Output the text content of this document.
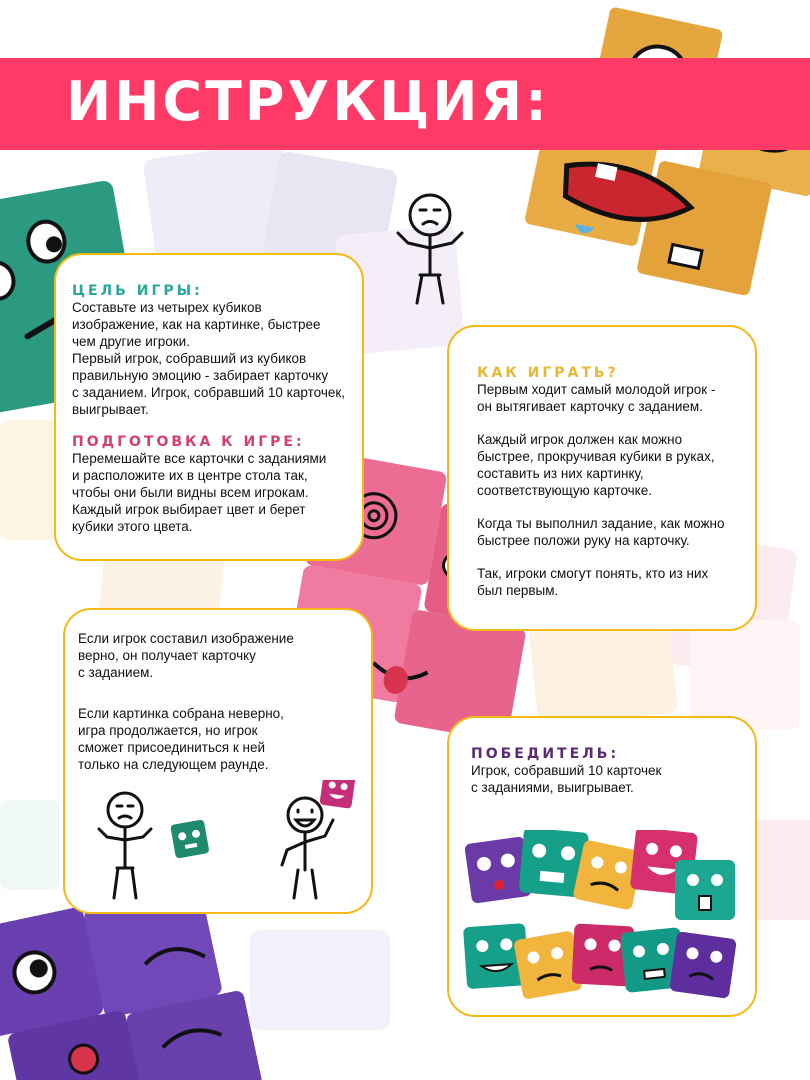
ИНСТРУКЦИЯ:
ЦЕЛЬ ИГРЫ:

Составьте из четырех кубиков

изображение, как на картинке, быстрее

чем другие игроки.

Первый игрок, собравший из кубиков

правильную эмоцию - забирает карточку

с заданием. Игрок, собравший 10 карточек,

выигрывает.

ПОДГОТОВКА К ИГРЕ:

Перемешайте все карточки с заданиями

и расположите их в центре стола так,

чтобы они были видны всем игрокам.

Каждый игрок выбирает цвет и берет

кубики этого цвета.

КАК ИГРАТЬ?

Первым ходит самый молодой игрок -

он вытягивает карточку с заданием.

Каждый игрок должен как можно

быстрее, прокручивая кубики в руках,

составить из них картинку,

соответствующую карточке.

Когда ты выполнил задание, как можно

быстрее положи руку на карточку.

Так, игроки смогут понять, кто из них

был первым.

Если игрок составил изображение

верно, он получает карточку

с заданием.

Если картинка собрана неверно,

игра продолжается, но игрок

сможет присоединиться к ней

только на следующем раунде.

ПОБЕДИТЕЛЬ:

Игрок, собравший 10 карточек

с заданиями, выигрывает.
